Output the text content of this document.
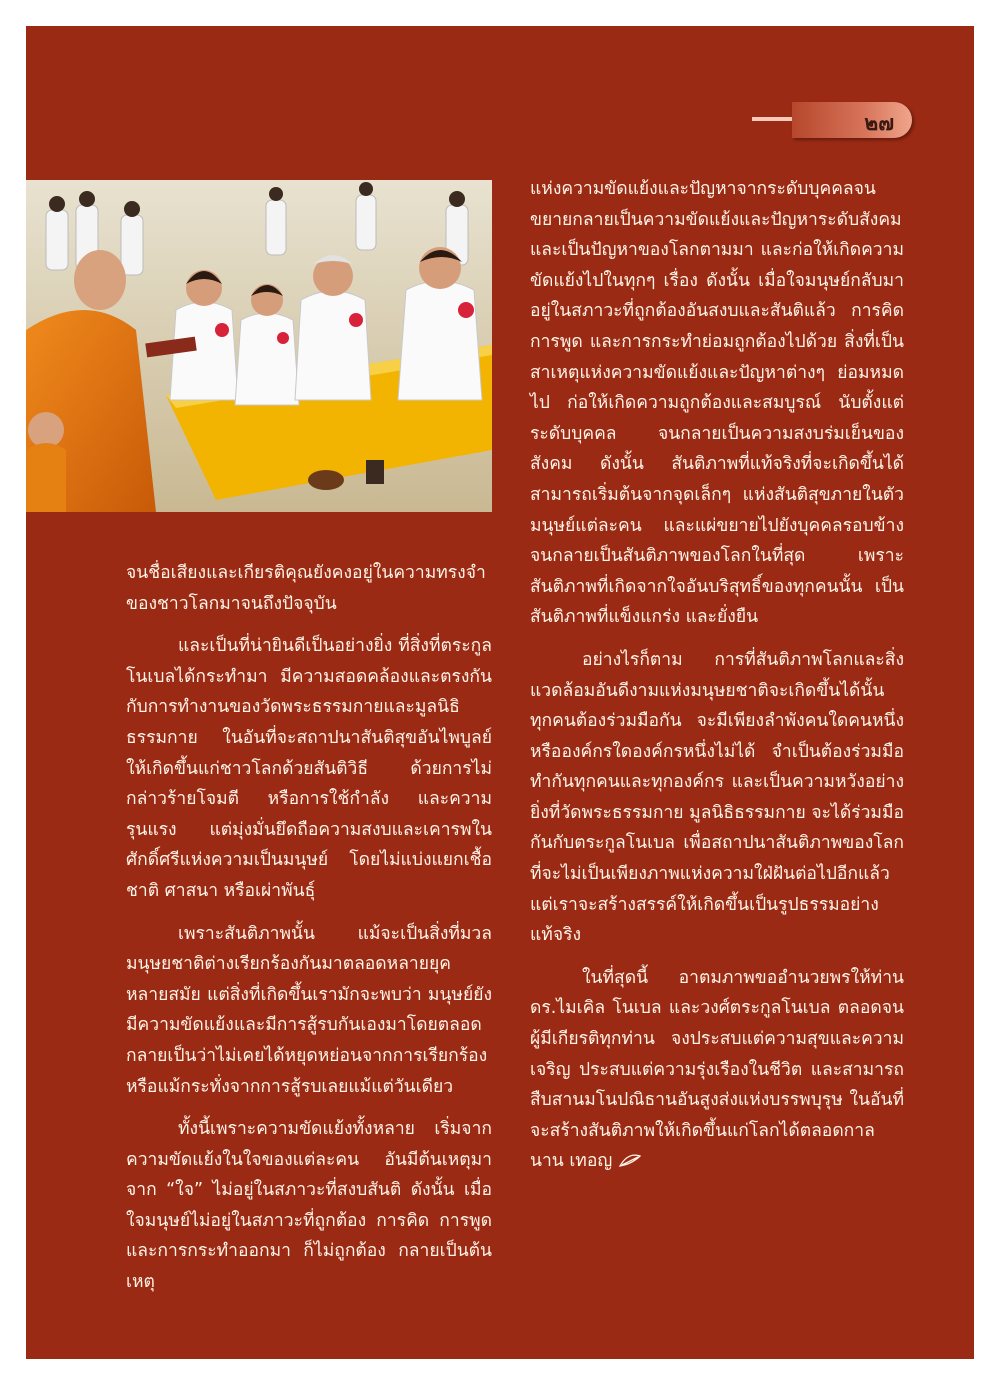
๒๗

จนชื่อเสียงและเกียรติคุณยังคงอยู่ในความทรงจำของชาวโลกมาจนถึงปัจจุบัน

และเป็นที่น่ายินดีเป็นอย่างยิ่ง ที่สิ่งที่ตระกูลโนเบลได้กระทำมา มีความสอดคล้องและตรงกันกับการทำงานของวัดพระธรรมกายและมูลนิธิธรรมกาย ในอันที่จะสถาปนาสันติสุขอันไพบูลย์ให้เกิดขึ้นแก่ชาวโลกด้วยสันติวิธี ด้วยการไม่กล่าวร้ายโจมตี หรือการใช้กำลัง และความรุนแรง แต่มุ่งมั่นยึดถือความสงบและเคารพในศักดิ์ศรีแห่งความเป็นมนุษย์ โดยไม่แบ่งแยกเชื้อชาติ ศาสนา หรือเผ่าพันธุ์

เพราะสันติภาพนั้น แม้จะเป็นสิ่งที่มวลมนุษยชาติต่างเรียกร้องกันมาตลอดหลายยุคหลายสมัย แต่สิ่งที่เกิดขึ้นเรามักจะพบว่า มนุษย์ยังมีความขัดแย้งและมีการสู้รบกันเองมาโดยตลอด กลายเป็นว่าไม่เคยได้หยุดหย่อนจากการเรียกร้อง หรือแม้กระทั่งจากการสู้รบเลยแม้แต่วันเดียว

ทั้งนี้เพราะความขัดแย้งทั้งหลาย เริ่มจากความขัดแย้งในใจของแต่ละคน อันมีต้นเหตุมาจาก “ใจ” ไม่อยู่ในสภาวะที่สงบสันติ ดังนั้น เมื่อใจมนุษย์ไม่อยู่ในสภาวะที่ถูกต้อง การคิด การพูด และการกระทำออกมา ก็ไม่ถูกต้อง กลายเป็นต้นเหตุ

แห่งความขัดแย้งและปัญหาจากระดับบุคคลจนขยายกลายเป็นความขัดแย้งและปัญหาระดับสังคม และเป็นปัญหาของโลกตามมา และก่อให้เกิดความขัดแย้งไปในทุกๆ เรื่อง ดังนั้น เมื่อใจมนุษย์กลับมาอยู่ในสภาวะที่ถูกต้องอันสงบและสันติแล้ว การคิด การพูด และการกระทำย่อมถูกต้องไปด้วย สิ่งที่เป็นสาเหตุแห่งความขัดแย้งและปัญหาต่างๆ ย่อมหมดไป ก่อให้เกิดความถูกต้องและสมบูรณ์ นับตั้งแต่ระดับบุคคล จนกลายเป็นความสงบร่มเย็นของสังคม ดังนั้น สันติภาพที่แท้จริงที่จะเกิดขึ้นได้ สามารถเริ่มต้นจากจุดเล็กๆ แห่งสันติสุขภายในตัวมนุษย์แต่ละคน และแผ่ขยายไปยังบุคคลรอบข้างจนกลายเป็นสันติภาพของโลกในที่สุด เพราะสันติภาพที่เกิดจากใจอันบริสุทธิ์ของทุกคนนั้น เป็นสันติภาพที่แข็งแกร่ง และยั่งยืน

อย่างไรก็ตาม การที่สันติภาพโลกและสิ่งแวดล้อมอันดีงามแห่งมนุษยชาติจะเกิดขึ้นได้นั้น ทุกคนต้องร่วมมือกัน จะมีเพียงลำพังคนใดคนหนึ่ง หรือองค์กรใดองค์กรหนึ่งไม่ได้ จำเป็นต้องร่วมมือทำกันทุกคนและทุกองค์กร และเป็นความหวังอย่างยิ่งที่วัดพระธรรมกาย มูลนิธิธรรมกาย จะได้ร่วมมือกันกับตระกูลโนเบล เพื่อสถาปนาสันติภาพของโลกที่จะไม่เป็นเพียงภาพแห่งความใฝ่ฝันต่อไปอีกแล้ว แต่เราจะสร้างสรรค์ให้เกิดขึ้นเป็นรูปธรรมอย่างแท้จริง

ในที่สุดนี้ อาตมภาพขออำนวยพรให้ท่าน ดร.ไมเคิล โนเบล และวงศ์ตระกูลโนเบล ตลอดจนผู้มีเกียรติทุกท่าน จงประสบแต่ความสุขและความเจริญ ประสบแต่ความรุ่งเรืองในชีวิต และสามารถสืบสานมโนปณิธานอันสูงส่งแห่งบรรพบุรุษ ในอันที่จะสร้างสันติภาพให้เกิดขึ้นแก่โลกได้ตลอดกาลนาน เทอญ
